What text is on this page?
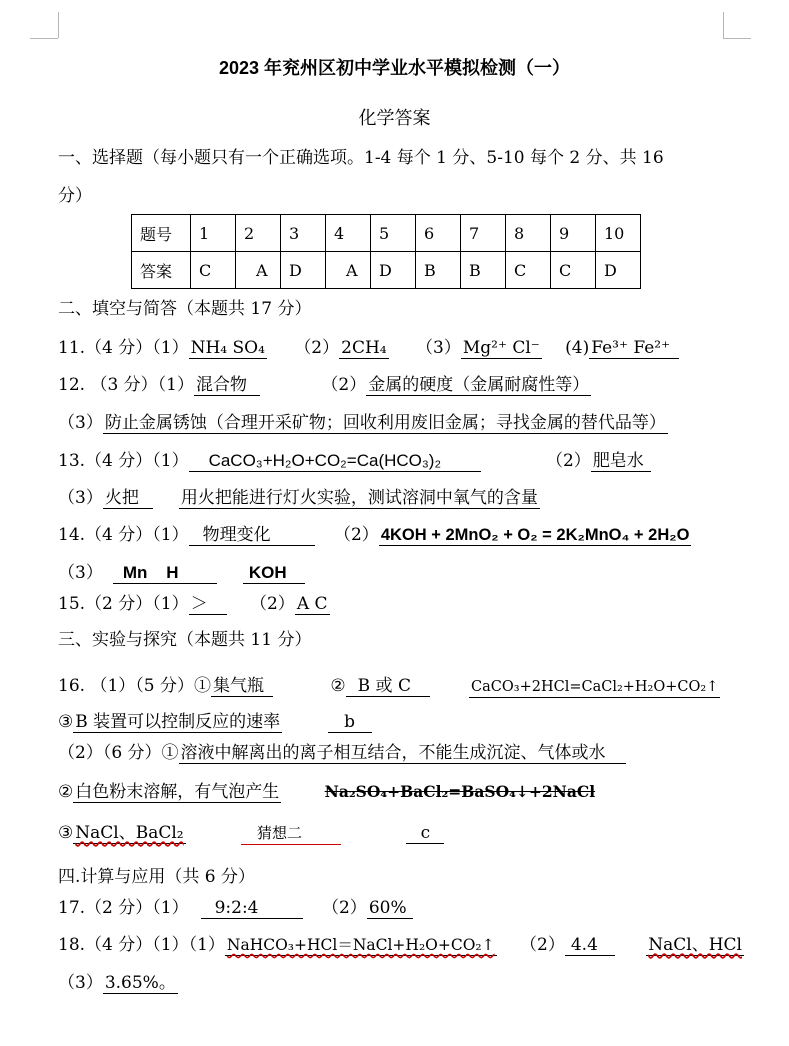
2023 年兖州区初中学业水平模拟检测（一）
化学答案
一、选择题（每小题只有一个正确选项。1-4 每个 1 分、5-10 每个 2 分、共 16
分）
题号	1	2	3	4	5	6	7	8	9	10
答案	C	A	D	A	D	B	B	C	C	D
二、填空与简答（本题共 17 分）
11.（4 分）（1） NH₄ SO₄ （2） 2CH₄ （3） Mg²⁺ Cl⁻ (4) Fe³⁺ Fe²⁺
12. （3 分）（1） 混合物	（2） 金属的硬度（金属耐腐性等）
（3） 防止金属锈蚀（合理开采矿物；回收利用废旧金属；寻找金属的替代品等）
13.（4 分）（1） CaCO₃+H₂O+CO₂=Ca(HCO₃)₂	（2） 肥皂水
（3） 火把 用火把能进行灯火实验，测试溶洞中氧气的含量
14.（4 分）（1） 物理变化	（2） 4KOH + 2MnO₂ + O₂ = 2K₂MnO₄ + 2H₂O
（3） Mn    H	KOH
15.（2 分）（1） ＞ （2） A C
三、实验与探究（本题共 11 分）
16. （1）（5 分）① 集气瓶	② B 或 C	CaCO₃+2HCl=CaCl₂+H₂O+CO₂↑
③ B 装置可以控制反应的速率	b
（2）（6 分）① 溶液中解离出的离子相互结合，不能生成沉淀、气体或水
② 白色粉末溶解，有气泡产生	Na₂SO₄+BaCl₂=BaSO₄↓+2NaCl
③ NaCl、BaCl₂	猜想二	c
四.计算与应用（共 6 分）
17.（2 分）（1） 9:2:4	（2） 60%
18.（4 分）（1）（1） NaHCO₃+HCl＝NaCl+H₂O+CO₂↑ （2） 4.4	NaCl、HCl
（3） 3.65%。
